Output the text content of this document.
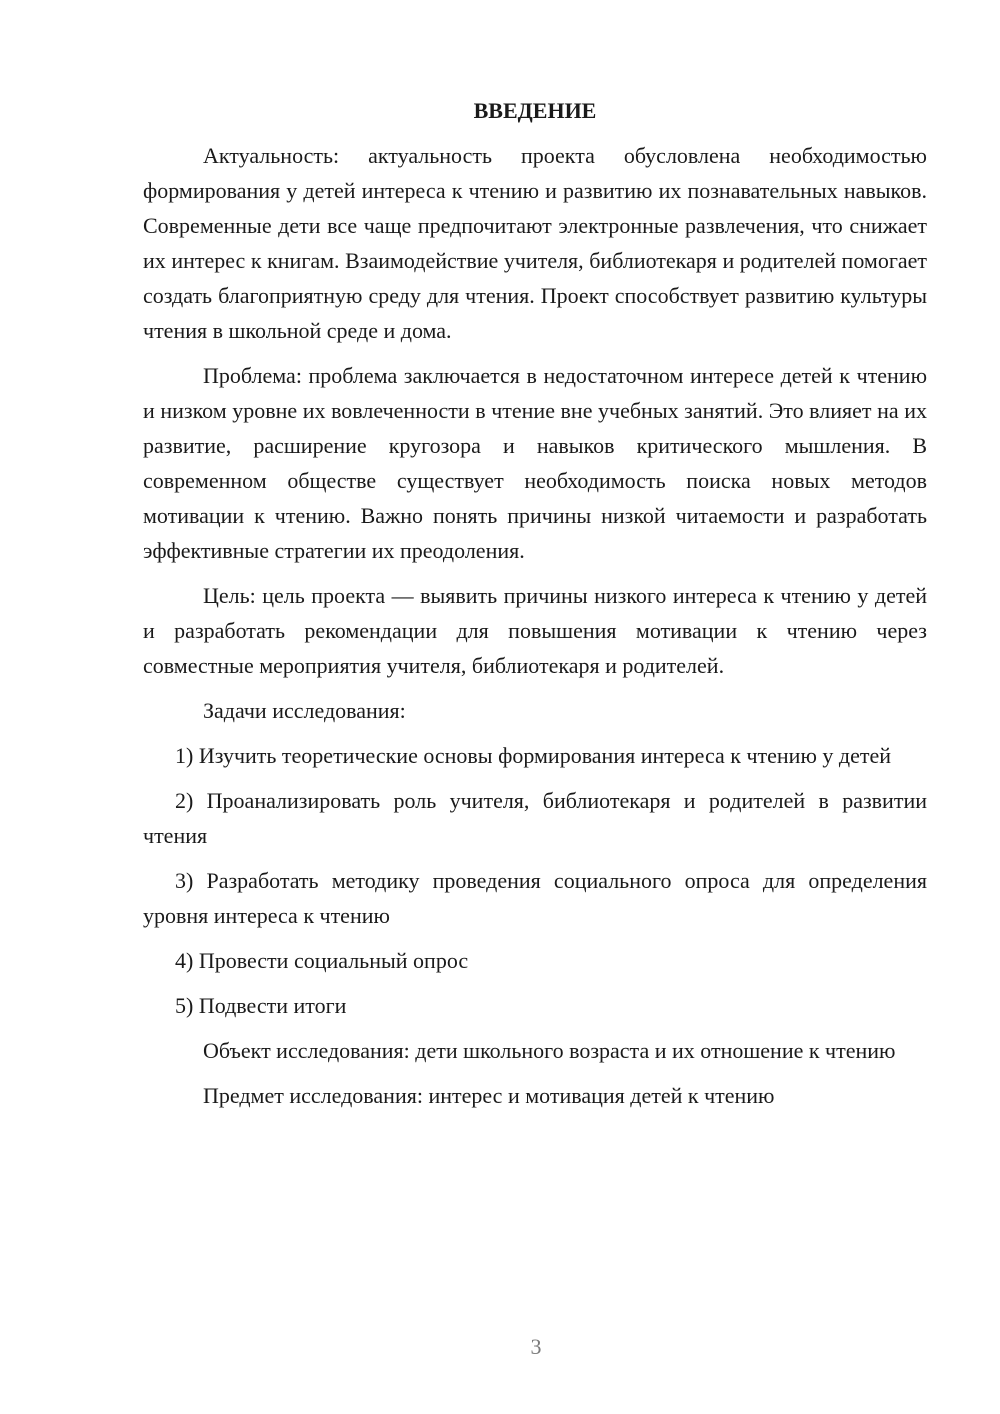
ВВЕДЕНИЕ

Актуальность: актуальность проекта обусловлена необходимостью формирования у детей интереса к чтению и развитию их познавательных навыков. Современные дети все чаще предпочитают электронные развлечения, что снижает их интерес к книгам. Взаимодействие учителя, библиотекаря и родителей помогает создать благоприятную среду для чтения. Проект способствует развитию культуры чтения в школьной среде и дома.

Проблема: проблема заключается в недостаточном интересе детей к чтению и низком уровне их вовлеченности в чтение вне учебных занятий. Это влияет на их развитие, расширение кругозора и навыков критического мышления. В современном обществе существует необходимость поиска новых методов мотивации к чтению. Важно понять причины низкой читаемости и разработать эффективные стратегии их преодоления.

Цель: цель проекта — выявить причины низкого интереса к чтению у детей и разработать рекомендации для повышения мотивации к чтению через совместные мероприятия учителя, библиотекаря и родителей.

Задачи исследования:

1) Изучить теоретические основы формирования интереса к чтению у детей

2) Проанализировать роль учителя, библиотекаря и родителей в развитии чтения

3) Разработать методику проведения социального опроса для определения уровня интереса к чтению

4) Провести социальный опрос

5) Подвести итоги

Объект исследования: дети школьного возраста и их отношение к чтению

Предмет исследования: интерес и мотивация детей к чтению

3
